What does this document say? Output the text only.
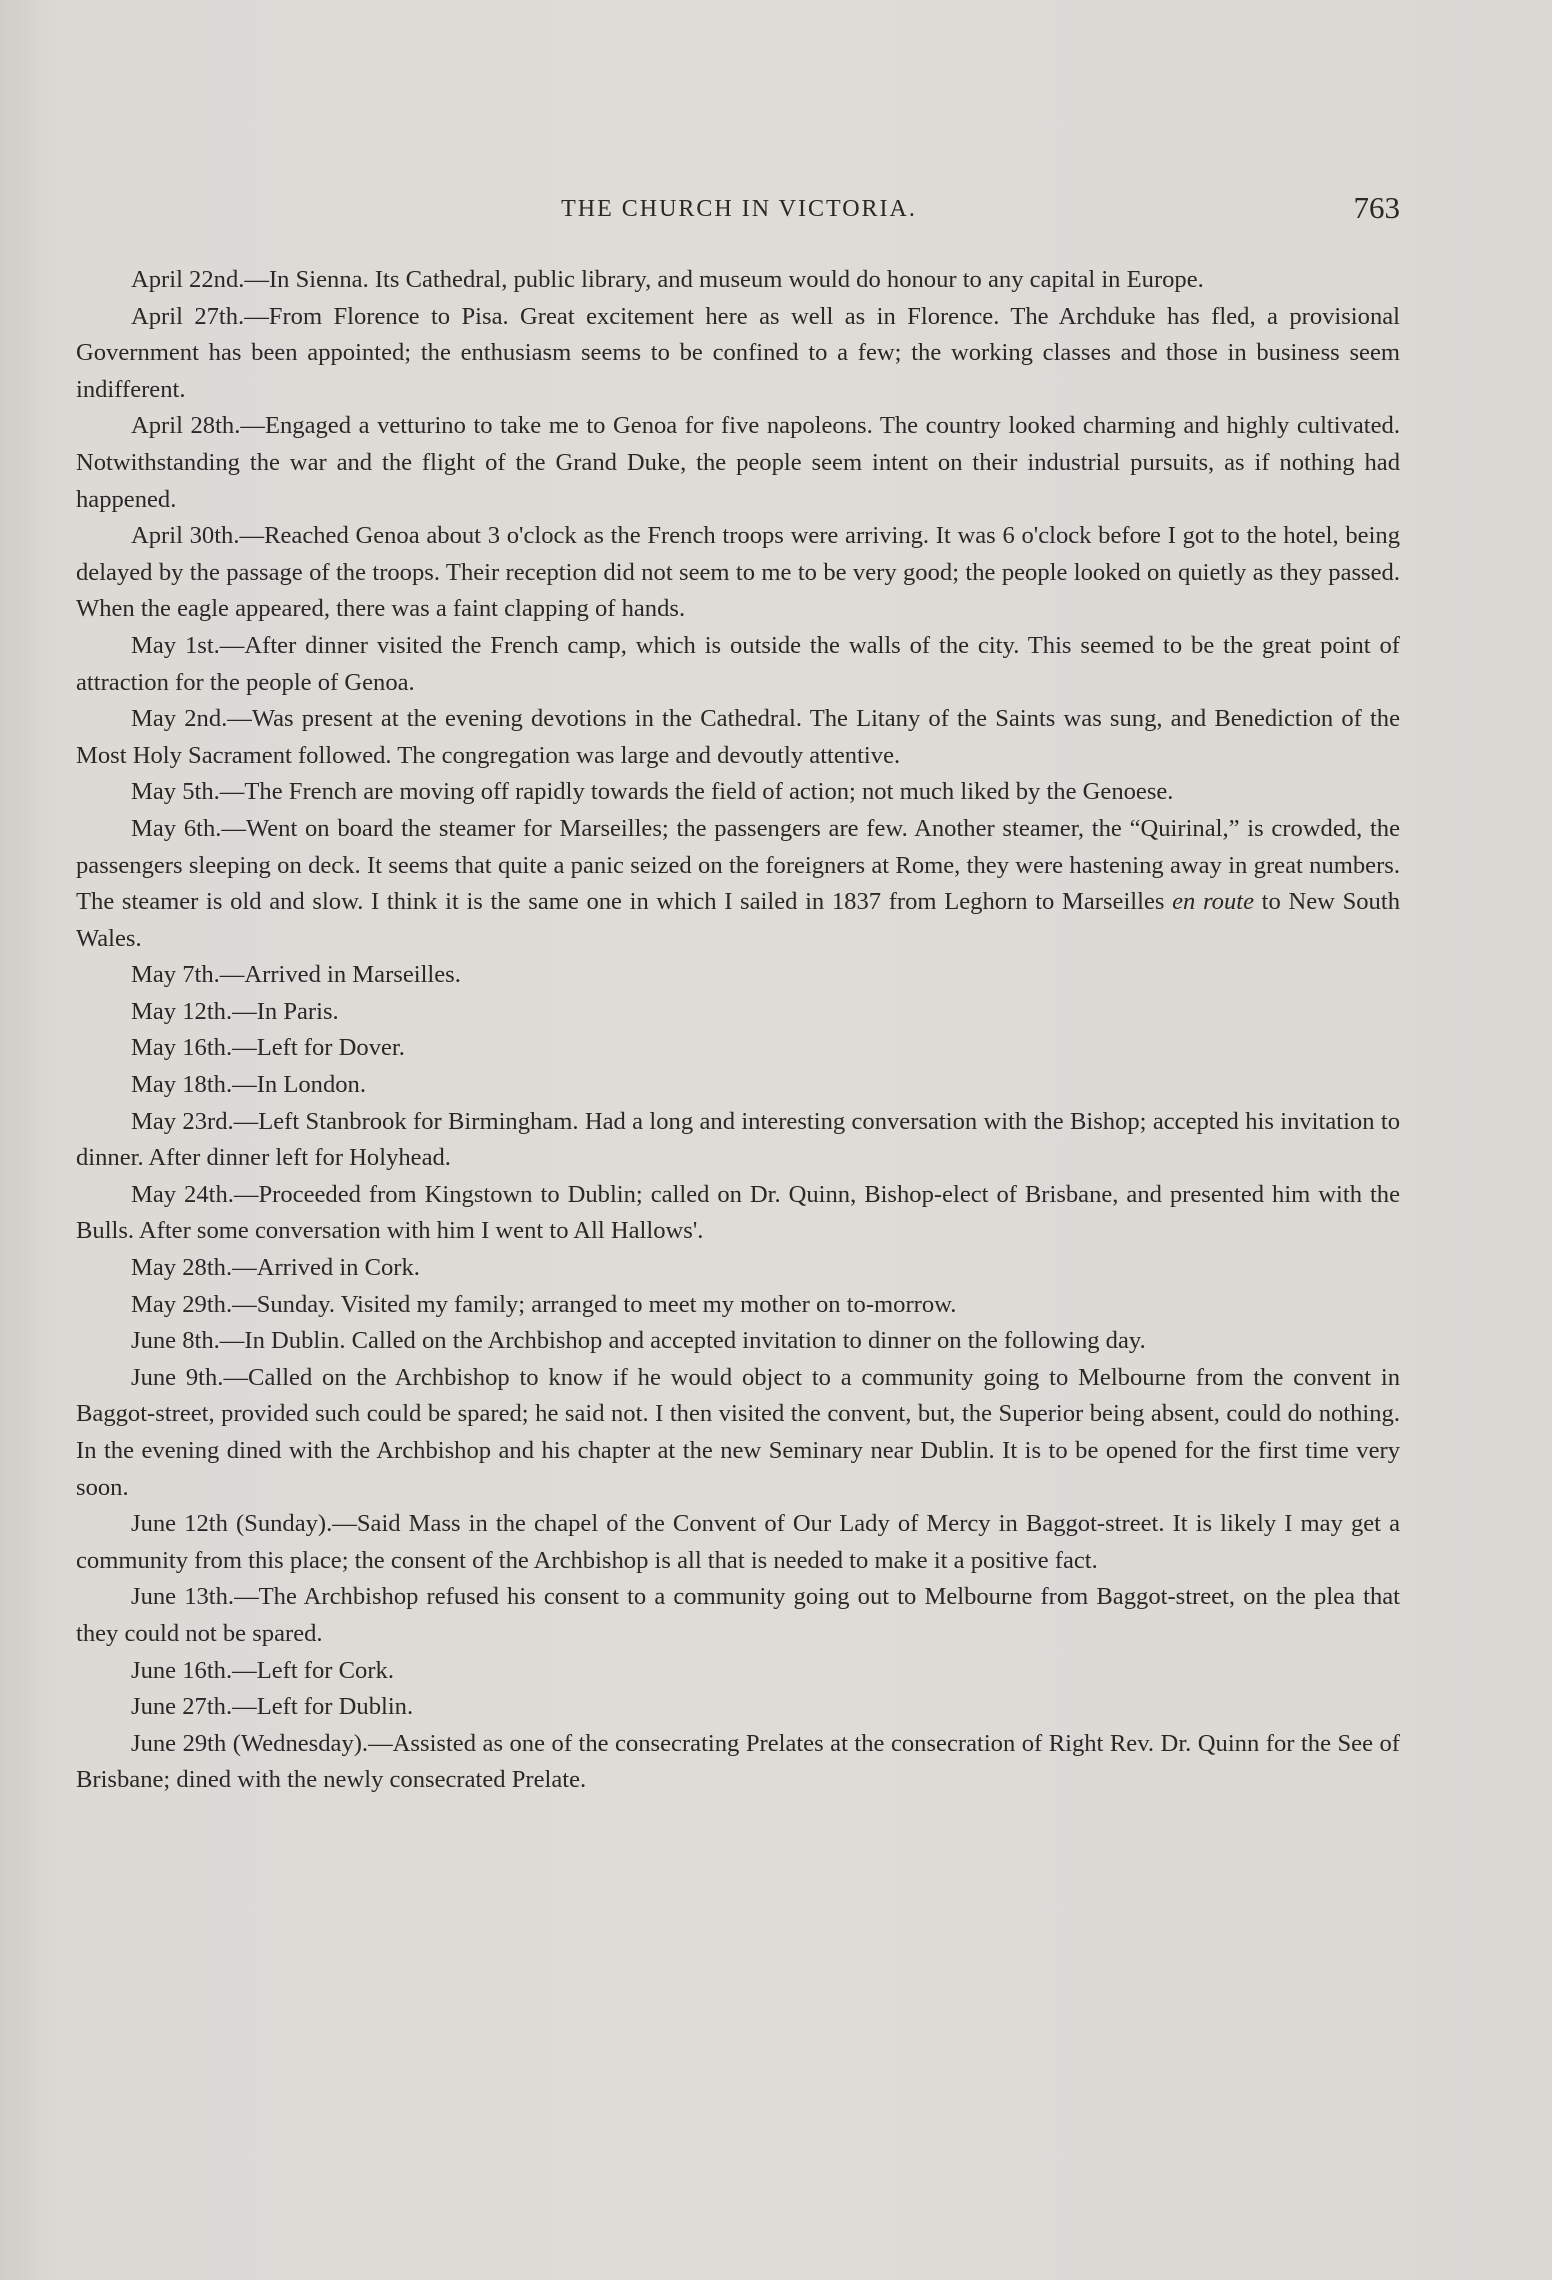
THE CHURCH IN VICTORIA.	763

April 22nd.—In Sienna. Its Cathedral, public library, and museum would do honour to any capital in Europe.

April 27th.—From Florence to Pisa. Great excitement here as well as in Florence. The Archduke has fled, a provisional Government has been appointed; the enthusiasm seems to be confined to a few; the working classes and those in business seem indifferent.

April 28th.—Engaged a vetturino to take me to Genoa for five napoleons. The country looked charming and highly cultivated. Notwithstanding the war and the flight of the Grand Duke, the people seem intent on their industrial pursuits, as if nothing had happened.

April 30th.—Reached Genoa about 3 o'clock as the French troops were arriving. It was 6 o'clock before I got to the hotel, being delayed by the passage of the troops. Their reception did not seem to me to be very good; the people looked on quietly as they passed. When the eagle appeared, there was a faint clapping of hands.

May 1st.—After dinner visited the French camp, which is outside the walls of the city. This seemed to be the great point of attraction for the people of Genoa.

May 2nd.—Was present at the evening devotions in the Cathedral. The Litany of the Saints was sung, and Benediction of the Most Holy Sacrament followed. The congregation was large and devoutly attentive.

May 5th.—The French are moving off rapidly towards the field of action; not much liked by the Genoese.

May 6th.—Went on board the steamer for Marseilles; the passengers are few. Another steamer, the “Quirinal,” is crowded, the passengers sleeping on deck. It seems that quite a panic seized on the foreigners at Rome, they were hastening away in great numbers. The steamer is old and slow. I think it is the same one in which I sailed in 1837 from Leghorn to Marseilles en route to New South Wales.

May 7th.—Arrived in Marseilles.

May 12th.—In Paris.

May 16th.—Left for Dover.

May 18th.—In London.

May 23rd.—Left Stanbrook for Birmingham. Had a long and interesting conversation with the Bishop; accepted his invitation to dinner. After dinner left for Holyhead.

May 24th.—Proceeded from Kingstown to Dublin; called on Dr. Quinn, Bishop-elect of Brisbane, and presented him with the Bulls. After some conversation with him I went to All Hallows'.

May 28th.—Arrived in Cork.

May 29th.—Sunday. Visited my family; arranged to meet my mother on to-morrow.

June 8th.—In Dublin. Called on the Archbishop and accepted invitation to dinner on the following day.

June 9th.—Called on the Archbishop to know if he would object to a community going to Melbourne from the convent in Baggot-street, provided such could be spared; he said not. I then visited the convent, but, the Superior being absent, could do nothing. In the evening dined with the Archbishop and his chapter at the new Seminary near Dublin. It is to be opened for the first time very soon.

June 12th (Sunday).—Said Mass in the chapel of the Convent of Our Lady of Mercy in Baggot-street. It is likely I may get a community from this place; the consent of the Archbishop is all that is needed to make it a positive fact.

June 13th.—The Archbishop refused his consent to a community going out to Melbourne from Baggot-street, on the plea that they could not be spared.

June 16th.—Left for Cork.

June 27th.—Left for Dublin.

June 29th (Wednesday).—Assisted as one of the consecrating Prelates at the consecration of Right Rev. Dr. Quinn for the See of Brisbane; dined with the newly consecrated Prelate.
